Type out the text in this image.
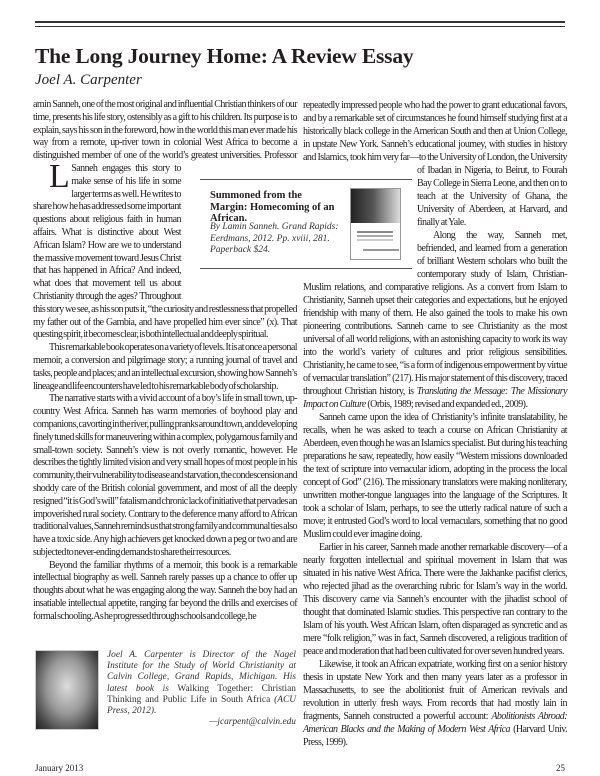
The Long Journey Home: A Review Essay
Joel A. Carpenter

L
amin Sanneh, one of the most original and influential Christian thinkers of our time, presents his life story, ostensibly as a gift to his children. Its purpose is to explain, says his son in the foreword, how in the world this man ever made his way from a remote, up-river town in colonial West Africa to become a distinguished member of one of the world’s greatest universities. Professor Sanneh engages this story to make sense of his life in some larger terms as well. He writes to share how he has addressed some important questions about religious faith in human affairs. What is distinctive about West African Islam? How are we to understand the massive movement toward Jesus Christ that has happened in Africa? And indeed, what does that movement tell us about Christianity through the ages? Throughout this story we see, as his son puts it, “the curiosity and restlessness that propelled my father out of the Gambia, and have propelled him ever since” (x). That questing spirit, it becomes clear, is both intellectual and deeply spiritual.

This remarkable book operates on a variety of levels. It is at once a personal memoir, a conversion and pilgrimage story; a running journal of travel and tasks, people and places; and an intellectual excursion, showing how Sanneh’s lineage and life encounters have led to his remarkable body of scholarship.

The narrative starts with a vivid account of a boy’s life in small town, up-country West Africa. Sanneh has warm memories of boyhood play and companions, cavorting in the river, pulling pranks around town, and developing finely tuned skills for maneuvering within a complex, polygamous family and small-town society. Sanneh’s view is not overly romantic, however. He describes the tightly limited vision and very small hopes of most people in his community, their vulnerability to disease and starvation, the condescension and shoddy care of the British colonial government, and most of all the deeply resigned “it is God’s will” fatalism and chronic lack of initiative that pervades an impoverished rural society. Contrary to the deference many afford to African traditional values, Sanneh reminds us that strong family and communal ties also have a toxic side. Any high achievers get knocked down a peg or two and are subjected to never-ending demands to share their resources.

Beyond the familiar rhythms of a memoir, this book is a remarkable intellectual biography as well. Sanneh rarely passes up a chance to offer up thoughts about what he was engaging along the way. Sanneh the boy had an insatiable intellectual appetite, ranging far beyond the drills and exercises of formal schooling. As he progressed through schools and college, he

repeatedly impressed people who had the power to grant educational favors, and by a remarkable set of circumstances he found himself studying first at a historically black college in the American South and then at Union College, in upstate New York. Sanneh’s educational journey, with studies in history and Islamics, took him very far—to the University of London, the University of Ibadan in Nigeria, to Beirut, to Fourah Bay College in Sierra Leone, and then on to teach at the University of Ghana, the University of Aberdeen, at Harvard, and finally at Yale.

Along the way, Sanneh met, befriended, and learned from a generation of brilliant Western scholars who built the contemporary study of Islam, Christian-Muslim relations, and comparative religions. As a convert from Islam to Christianity, Sanneh upset their categories and expectations, but he enjoyed friendship with many of them. He also gained the tools to make his own pioneering contributions. Sanneh came to see Christianity as the most universal of all world religions, with an astonishing capacity to work its way into the world’s variety of cultures and prior religious sensibilities. Christianity, he came to see, “is a form of indigenous empowerment by virtue of vernacular translation” (217). His major statement of this discovery, traced throughout Christian history, is Translating the Message: The Missionary Impact on Culture (Orbis, 1989; revised and expanded ed., 2009).

Sanneh came upon the idea of Christianity’s infinite translatability, he recalls, when he was asked to teach a course on African Christianity at Aberdeen, even though he was an Islamics specialist. But during his teaching preparations he saw, repeatedly, how easily “Western missions downloaded the text of scripture into vernacular idiom, adopting in the process the local concept of God” (216). The missionary translators were making nonliterary, unwritten mother-tongue languages into the language of the Scriptures. It took a scholar of Islam, perhaps, to see the utterly radical nature of such a move; it entrusted God’s word to local vernaculars, something that no good Muslim could ever imagine doing.

Earlier in his career, Sanneh made another remarkable discovery—of a nearly forgotten intellectual and spiritual movement in Islam that was situated in his native West Africa. There were the Jakhanke pacifist clerics, who rejected jihad as the overarching rubric for Islam’s way in the world. This discovery came via Sanneh’s encounter with the jihadist school of thought that dominated Islamic studies. This perspective ran contrary to the Islam of his youth. West African Islam, often disparaged as syncretic and as mere “folk religion,” was in fact, Sanneh discovered, a religious tradition of peace and moderation that had been cultivated for over seven hundred years.

Likewise, it took an African expatriate, working first on a senior history thesis in upstate New York and then many years later as a professor in Massachusetts, to see the abolitionist fruit of American revivals and revolution in utterly fresh ways. From records that had mostly lain in fragments, Sanneh constructed a powerful account: Abolitionists Abroad: American Blacks and the Making of Modern West Africa (Harvard Univ. Press, 1999).

Summoned from the Margin: Homecoming of an African.
By Lamin Sanneh. Grand Rapids: Eerdmans, 2012. Pp. xviii, 281. Paperback $24.
Joel A. Carpenter is Director of the Nagel Institute for the Study of World Christianity at Calvin College, Grand Rapids, Michigan. His latest book is Walking Together: Christian Thinking and Public Life in South Africa (ACU Press, 2012).
—jcarpent@calvin.edu
January 2013	25
